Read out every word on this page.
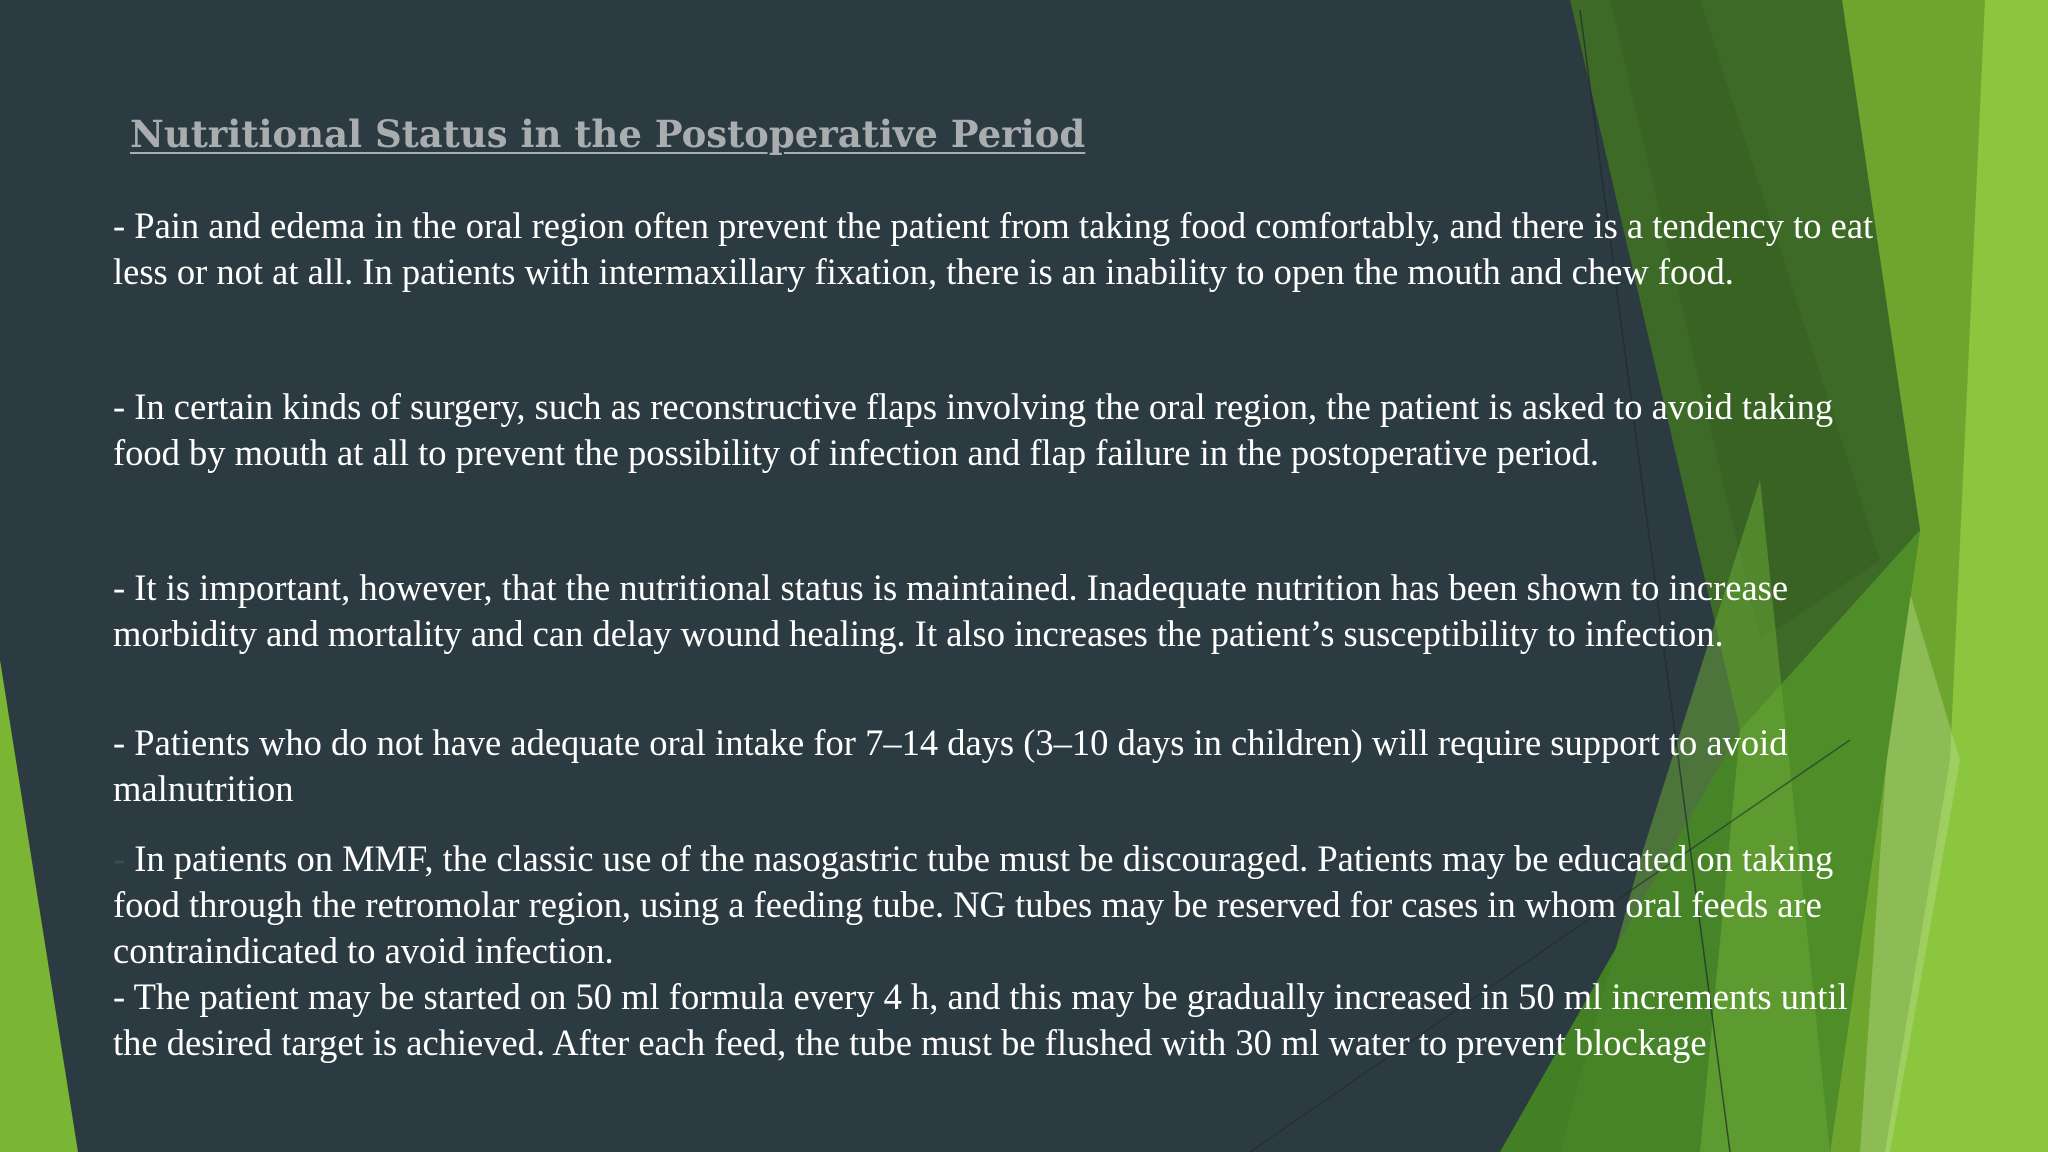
Nutritional Status in the Postoperative Period

- Pain and edema in the oral region often prevent the patient from taking food comfortably, and there is a tendency to eat less or not at all. In patients with intermaxillary fixation, there is an inability to open the mouth and chew food.

- In certain kinds of surgery, such as reconstructive flaps involving the oral region, the patient is asked to avoid taking food by mouth at all to prevent the possibility of infection and flap failure in the postoperative period.

- It is important, however, that the nutritional status is maintained. Inadequate nutrition has been shown to increase morbidity and mortality and can delay wound healing. It also increases the patient’s susceptibility to infection.

- Patients who do not have adequate oral intake for 7–14 days (3–10 days in children) will require support to avoid malnutrition

- In patients on MMF, the classic use of the nasogastric tube must be discouraged. Patients may be educated on taking food through the retromolar region, using a feeding tube. NG tubes may be reserved for cases in whom oral feeds are contraindicated to avoid infection.

- The patient may be started on 50 ml formula every 4 h, and this may be gradually increased in 50 ml increments until the desired target is achieved. After each feed, the tube must be flushed with 30 ml water to prevent blockage
